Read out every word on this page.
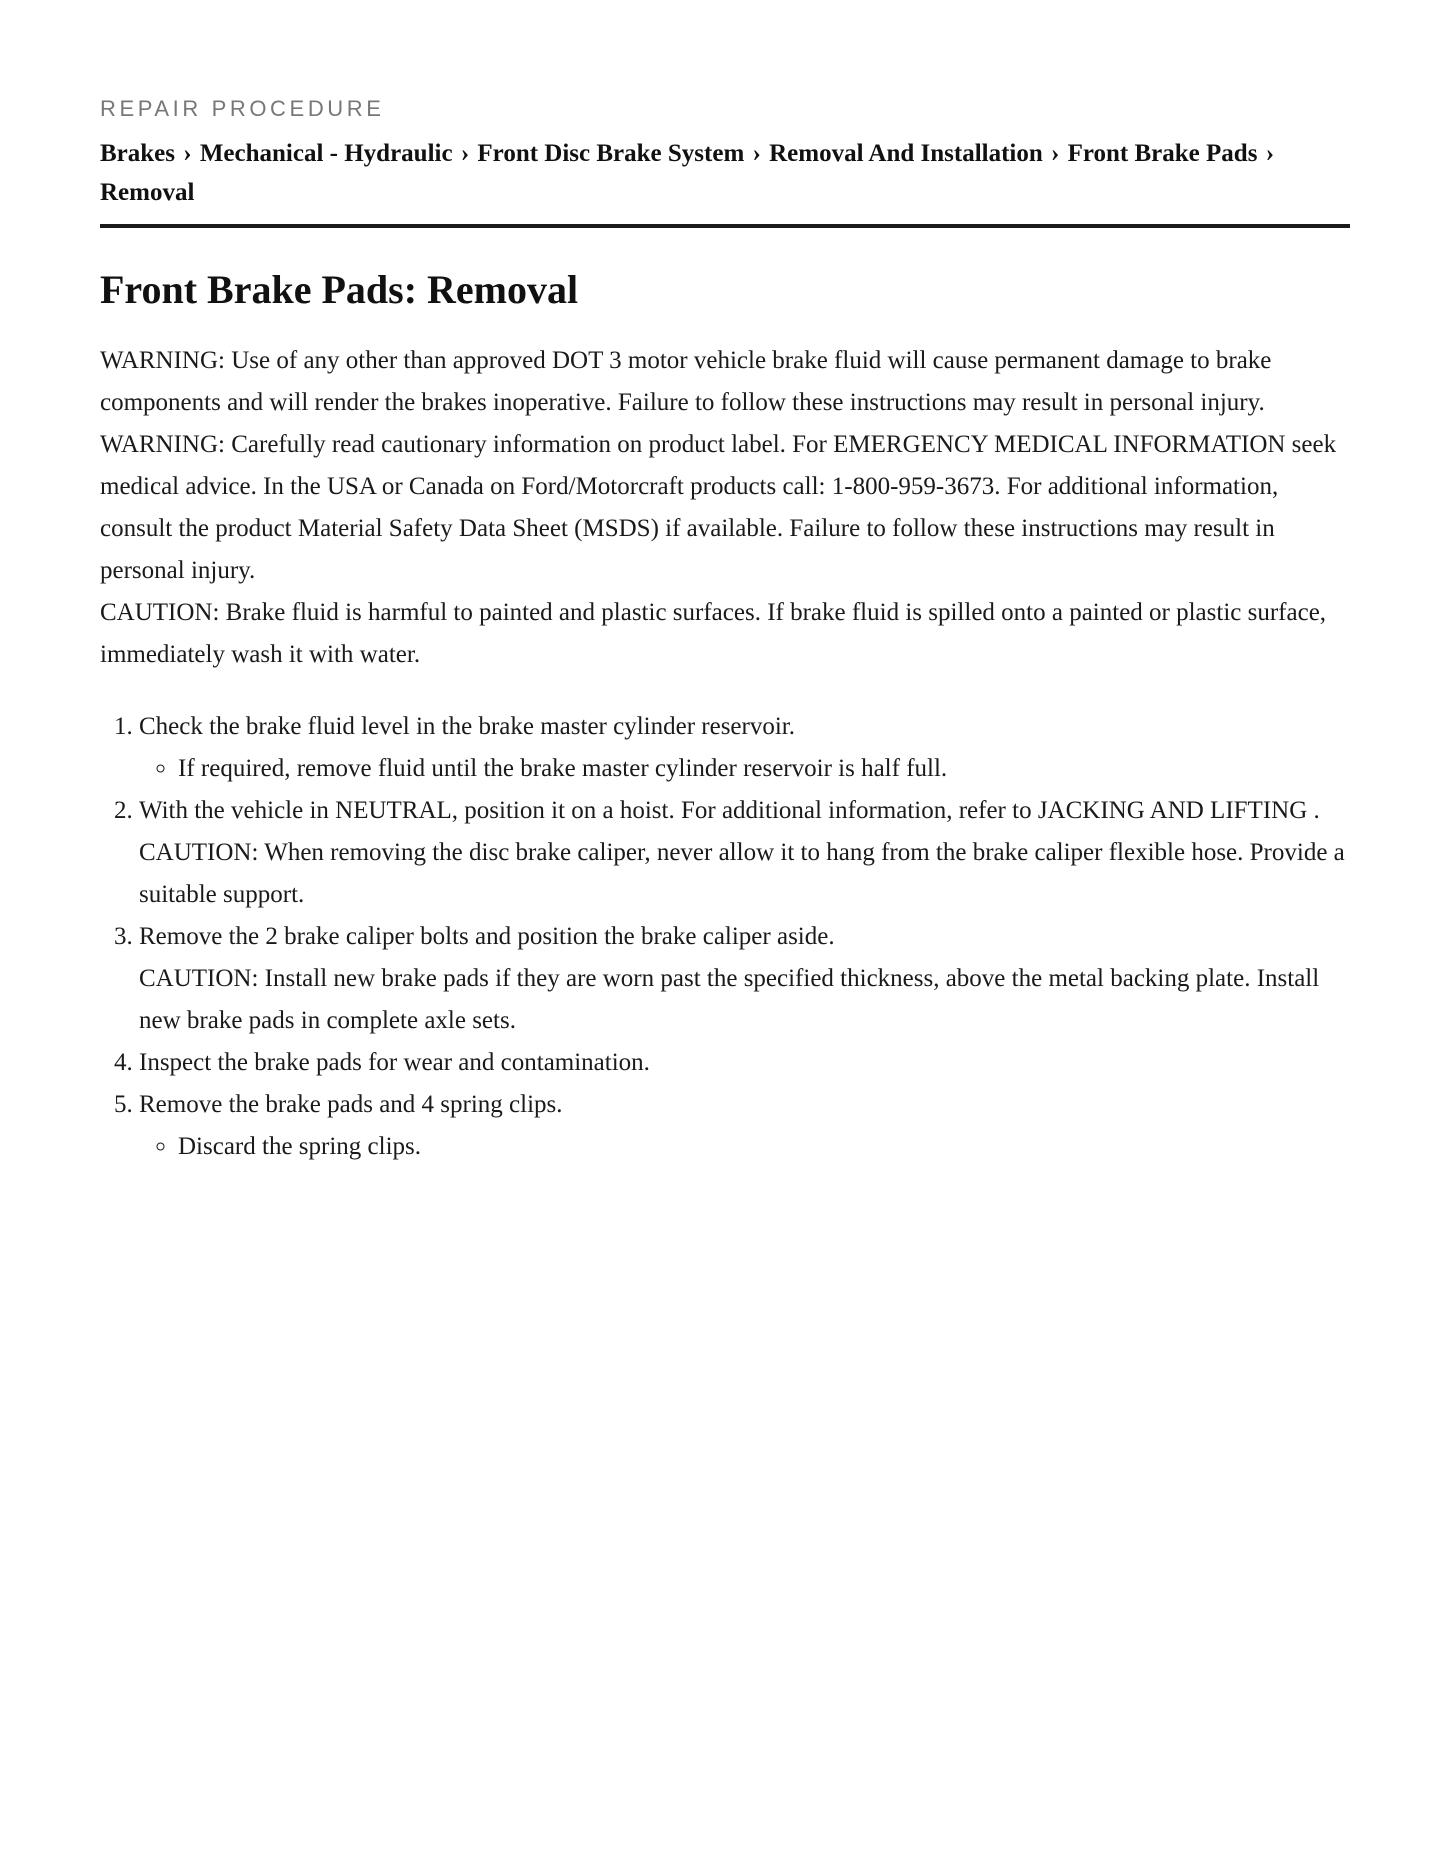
REPAIR PROCEDURE
Brakes › Mechanical - Hydraulic › Front Disc Brake System › Removal And Installation › Front Brake Pads ›
Removal
Front Brake Pads: Removal

WARNING: Use of any other than approved DOT 3 motor vehicle brake fluid will cause permanent damage to brake components and will render the brakes inoperative. Failure to follow these instructions may result in personal injury.

WARNING: Carefully read cautionary information on product label. For EMERGENCY MEDICAL INFORMATION seek medical advice. In the USA or Canada on Ford/Motorcraft products call: 1-800-959-3673. For additional information, consult the product Material Safety Data Sheet (MSDS) if available. Failure to follow these instructions may result in personal injury.

CAUTION: Brake fluid is harmful to painted and plastic surfaces. If brake fluid is spilled onto a painted or plastic surface, immediately wash it with water.

1. Check the brake fluid level in the brake master cylinder reservoir.
◦ If required, remove fluid until the brake master cylinder reservoir is half full.
2. With the vehicle in NEUTRAL, position it on a hoist. For additional information, refer to JACKING AND LIFTING .

CAUTION: When removing the disc brake caliper, never allow it to hang from the brake caliper flexible hose. Provide a suitable support.

3. Remove the 2 brake caliper bolts and position the brake caliper aside.

CAUTION: Install new brake pads if they are worn past the specified thickness, above the metal backing plate. Install new brake pads in complete axle sets.

4. Inspect the brake pads for wear and contamination.
5. Remove the brake pads and 4 spring clips.
◦ Discard the spring clips.
